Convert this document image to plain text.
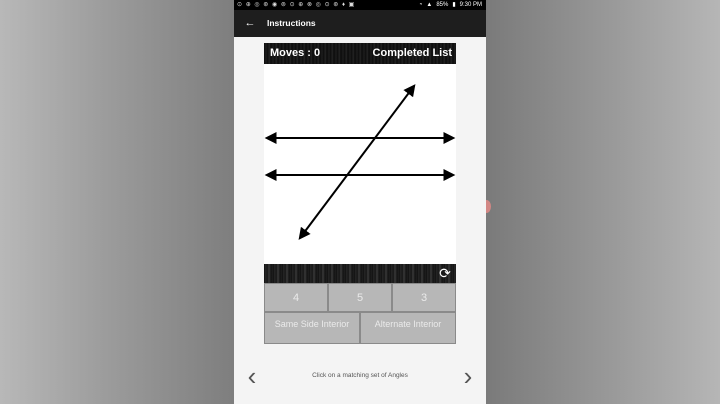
⊙ ⊕ ◎ ⊛ ◉ ⊚ ⊙ ⊕ ⊗ ◎ ⊙ ⊛ ♦ ▣	◔ ▲ 85% ▮ 9:30 PM
← Instructions
Moves : 0	Completed List
⟳
4	5	3
Same Side Interior	Alternate Interior
‹	Click on a matching set of Angles	›
